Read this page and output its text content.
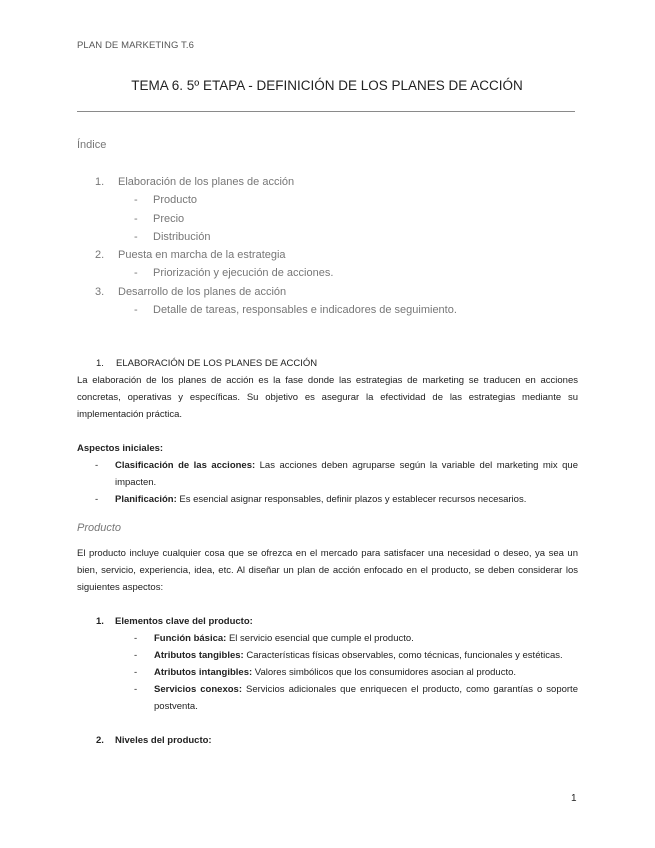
PLAN DE MARKETING T.6
TEMA 6. 5º ETAPA - DEFINICIÓN DE LOS PLANES DE ACCIÓN
Índice
1. Elaboración de los planes de acción
- Producto
- Precio
- Distribución
2. Puesta en marcha de la estrategia
- Priorización y ejecución de acciones.
3. Desarrollo de los planes de acción
- Detalle de tareas, responsables e indicadores de seguimiento.
1. ELABORACIÓN DE LOS PLANES DE ACCIÓN

La elaboración de los planes de acción es la fase donde las estrategias de marketing se traducen en acciones concretas, operativas y específicas. Su objetivo es asegurar la efectividad de las estrategias mediante su implementación práctica.

Aspectos iniciales:
- Clasificación de las acciones: Las acciones deben agruparse según la variable del marketing mix que impacten.
- Planificación: Es esencial asignar responsables, definir plazos y establecer recursos necesarios.
Producto

El producto incluye cualquier cosa que se ofrezca en el mercado para satisfacer una necesidad o deseo, ya sea un bien, servicio, experiencia, idea, etc. Al diseñar un plan de acción enfocado en el producto, se deben considerar los siguientes aspectos:

1. Elementos clave del producto:
- Función básica: El servicio esencial que cumple el producto.
- Atributos tangibles: Características físicas observables, como técnicas, funcionales y estéticas.
- Atributos intangibles: Valores simbólicos que los consumidores asocian al producto.
- Servicios conexos: Servicios adicionales que enriquecen el producto, como garantías o soporte postventa.
2. Niveles del producto:
1
